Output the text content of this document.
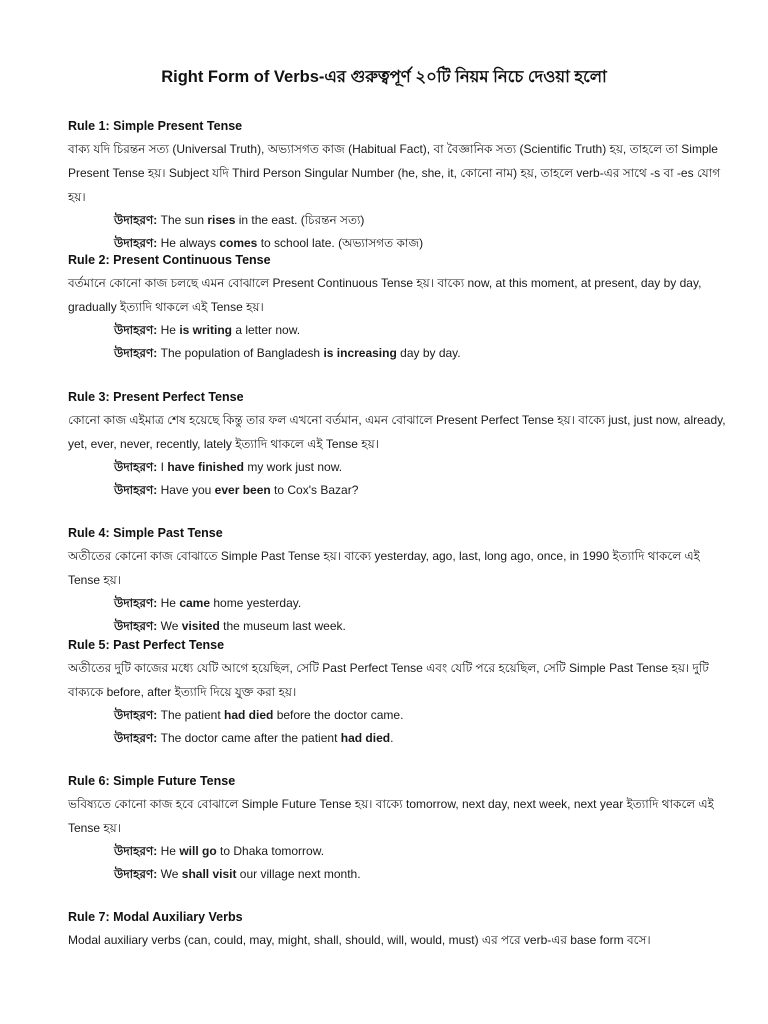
Right Form of Verbs-এর গুরুত্বপূর্ণ ২০টি নিয়ম নিচে দেওয়া হলো
Rule 1: Simple Present Tense

বাক্য যদি চিরন্তন সত্য (Universal Truth), অভ্যাসগত কাজ (Habitual Fact), বা বৈজ্ঞানিক সত্য (Scientific Truth) হয়, তাহলে তা Simple Present Tense হয়। Subject যদি Third Person Singular Number (he, she, it, কোনো নাম) হয়, তাহলে verb-এর সাথে -s বা -es যোগ হয়।

উদাহরণ: The sun rises in the east. (চিরন্তন সত্য)

উদাহরণ: He always comes to school late. (অভ্যাসগত কাজ)

Rule 2: Present Continuous Tense

বর্তমানে কোনো কাজ চলছে এমন বোঝালে Present Continuous Tense হয়। বাক্যে now, at this moment, at present, day by day, gradually ইত্যাদি থাকলে এই Tense হয়।

উদাহরণ: He is writing a letter now.

উদাহরণ: The population of Bangladesh is increasing day by day.

Rule 3: Present Perfect Tense

কোনো কাজ এইমাত্র শেষ হয়েছে কিন্তু তার ফল এখনো বর্তমান, এমন বোঝালে Present Perfect Tense হয়। বাক্যে just, just now, already, yet, ever, never, recently, lately ইত্যাদি থাকলে এই Tense হয়।

উদাহরণ: I have finished my work just now.

উদাহরণ: Have you ever been to Cox's Bazar?

Rule 4: Simple Past Tense

অতীতের কোনো কাজ বোঝাতে Simple Past Tense হয়। বাক্যে yesterday, ago, last, long ago, once, in 1990 ইত্যাদি থাকলে এই Tense হয়।

উদাহরণ: He came home yesterday.

উদাহরণ: We visited the museum last week.

Rule 5: Past Perfect Tense

অতীতের দুটি কাজের মধ্যে যেটি আগে হয়েছিল, সেটি Past Perfect Tense এবং যেটি পরে হয়েছিল, সেটি Simple Past Tense হয়। দুটি বাক্যকে before, after ইত্যাদি দিয়ে যুক্ত করা হয়।

উদাহরণ: The patient had died before the doctor came.

উদাহরণ: The doctor came after the patient had died.

Rule 6: Simple Future Tense

ভবিষ্যতে কোনো কাজ হবে বোঝালে Simple Future Tense হয়। বাক্যে tomorrow, next day, next week, next year ইত্যাদি থাকলে এই Tense হয়।

উদাহরণ: He will go to Dhaka tomorrow.

উদাহরণ: We shall visit our village next month.

Rule 7: Modal Auxiliary Verbs

Modal auxiliary verbs (can, could, may, might, shall, should, will, would, must) এর পরে verb-এর base form বসে।
